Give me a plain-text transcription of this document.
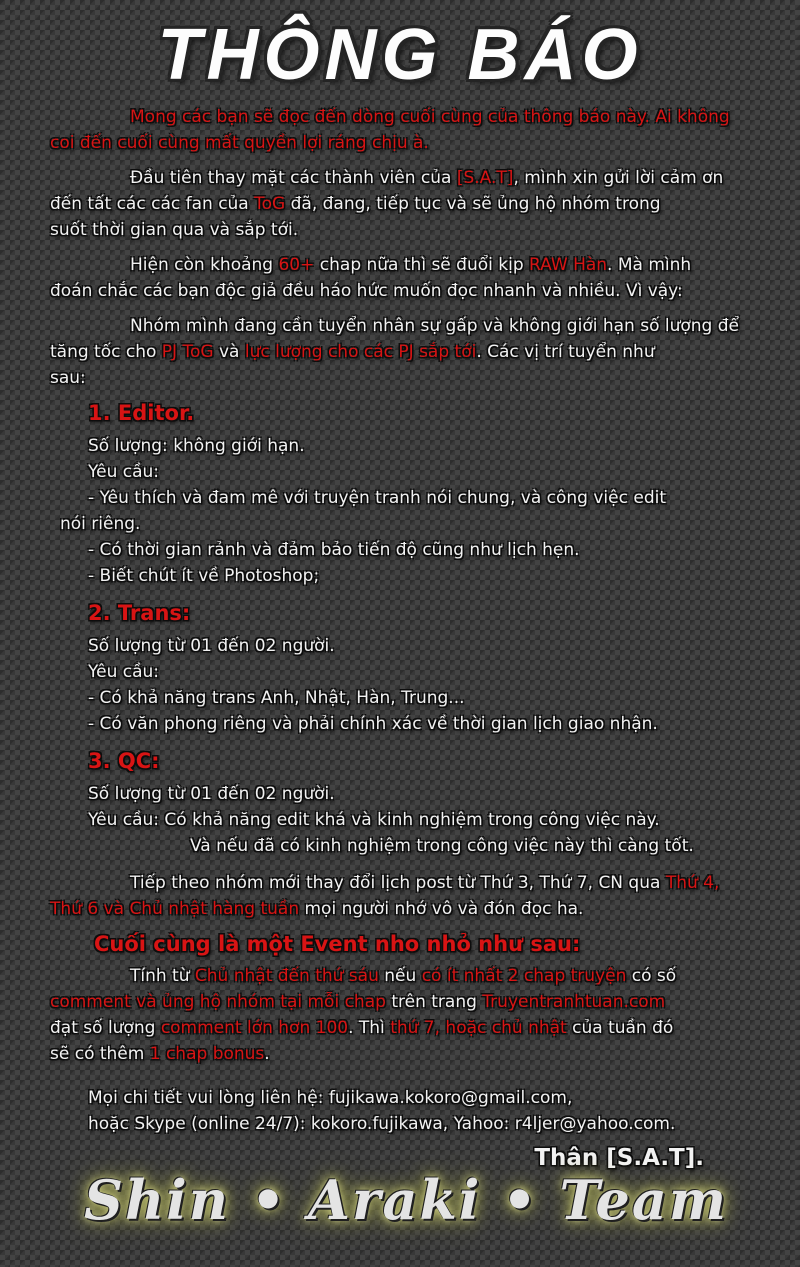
THÔNG BÁO
Mong các bạn sẽ đọc đến dòng cuối cùng của thông báo này. Ai không
coi đến cuối cùng mất quyền lợi ráng chịu à.
Đầu tiên thay mặt các thành viên của [S.A.T], mình xin gửi lời cảm ơn
đến tất các các fan của ToG đã, đang, tiếp tục và sẽ ủng hộ nhóm trong
suốt thời gian qua và sắp tới.
Hiện còn khoảng 60+ chap nữa thì sẽ đuổi kịp RAW Hàn. Mà mình
đoán chắc các bạn độc giả đều háo hức muốn đọc nhanh và nhiều. Vì vậy:
Nhóm mình đang cần tuyển nhân sự gấp và không giới hạn số lượng để
tăng tốc cho PJ ToG và lực lượng cho các PJ sắp tới. Các vị trí tuyển như
sau:
1. Editor.
Số lượng: không giới hạn.
Yêu cầu:
- Yêu thích và đam mê với truyện tranh nói chung, và công việc edit
nói riêng.
- Có thời gian rảnh và đảm bảo tiến độ cũng như lịch hẹn.
- Biết chút ít về Photoshop;
2. Trans:
Số lượng từ 01 đến 02 người.
Yêu cầu:
- Có khả năng trans Anh, Nhật, Hàn, Trung...
- Có văn phong riêng và phải chính xác về thời gian lịch giao nhận.
3. QC:
Số lượng từ 01 đến 02 người.
Yêu cầu: Có khả năng edit khá và kinh nghiệm trong công việc này.
Và nếu đã có kinh nghiệm trong công việc này thì càng tốt.
Tiếp theo nhóm mới thay đổi lịch post từ Thứ 3, Thứ 7, CN qua Thứ 4,
Thứ 6 và Chủ nhật hàng tuần mọi người nhớ vô và đón đọc ha.
Cuối cùng là một Event nho nhỏ như sau:
Tính từ Chủ nhật đến thứ sáu nếu có ít nhất 2 chap truyện có số
comment và ủng hộ nhóm tại mỗi chap trên trang Truyentranhtuan.com
đạt số lượng comment lớn hơn 100. Thì thứ 7, hoặc chủ nhật của tuần đó
sẽ có thêm 1 chap bonus.
Mọi chi tiết vui lòng liên hệ: fujikawa.kokoro@gmail.com,
hoặc Skype (online 24/7): kokoro.fujikawa, Yahoo: r4ljer@yahoo.com.
Thân [S.A.T].
Shin • Araki • Team
